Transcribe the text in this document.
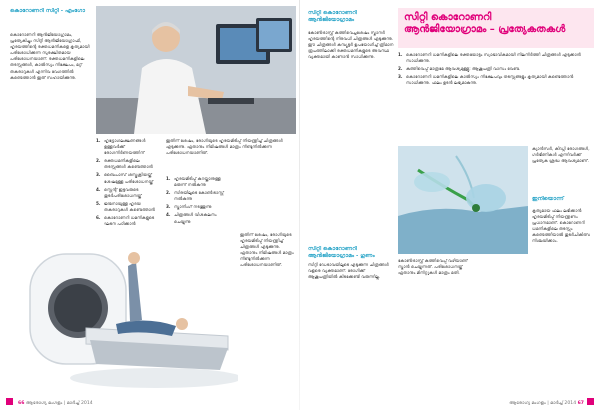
കൊറോണറി സിറ്റി - എംഗോ
കൊറോണറി ആൻജിയോഗ്രാമം, പ്രത്യേകിച്ചും സിറ്റി ആൻജിയോഗ്രാഫി, ഹൃദയത്തിന്റെ രക്തധമനികളെ കൃത്യമായി പരിശോധിക്കുന്ന സുരക്ഷിതമായ പരിശോധനയാണ്. രക്തധമനികളിലെ തടസ്സങ്ങൾ, കാൽസ്യം നിക്ഷേപം, മറ്റ് തകരാറുകൾ എന്നിവ വേഗത്തിൽ കണ്ടെത്താൻ ഇത് സഹായിക്കുന്നു.
1. ഹൃദ്രോഗലക്ഷണങ്ങൾ ഉള്ളവർക്ക് രോഗനിർണയത്തിന്
2. രക്തധമനികളിലെ തടസ്സങ്ങൾ കണ്ടെത്താൻ
3. ബൈപാസ് ശസ്ത്രക്രിയയ്ക്ക് ശേഷമുള്ള പരിശോധനയ്ക്ക്
4. സ്റ്റെന്റ് ഇട്ടവരുടെ തുടർപരിശോധനയ്ക്ക്
5. ജന്മനായുള്ള ഹൃദയ തകരാറുകൾ കണ്ടെത്താൻ
6. കൊറോണറി ധമനികളുടെ ഘടന പഠിക്കാൻ
ഇതിന് ശേഷം, രോഗിയുടെ ഹൃദയമിടിപ്പ് നിയന്ത്രിച്ച് ചിത്രങ്ങൾ എടുക്കുന്നു. ഏതാനും നിമിഷങ്ങൾ മാത്രം നീണ്ടുനിൽക്കുന്ന പരിശോധനയാണിത്.
1. ഹൃദയമിടിപ്പ് കുറയ്ക്കാനുള്ള മരുന്ന് നൽകുന്നു
2. സിരയിലൂടെ കോൺട്രാസ്റ്റ് നൽകുന്നു
3. സ്കാനിംഗ് നടത്തുന്നു
4. ചിത്രങ്ങൾ വിശകലനം ചെയ്യുന്നു
ഇതിന് ശേഷം, രോഗിയുടെ ഹൃദയമിടിപ്പ് നിയന്ത്രിച്ച് ചിത്രങ്ങൾ എടുക്കുന്നു. ഏതാനും നിമിഷങ്ങൾ മാത്രം നീണ്ടുനിൽക്കുന്ന പരിശോധനയാണിത്.
66 ആരോഗ്യ മംഗളം | മാർച്ച് 2014
സിറ്റി കൊറോണറി ആൻജിയോഗ്രാമം
കോൺട്രാസ്റ്റ് കുത്തിവെച്ചശേഷം സ്കാനർ ഹൃദയത്തിന്റെ നിരവധി ചിത്രങ്ങൾ എടുക്കുന്നു. ഈ ചിത്രങ്ങൾ കമ്പ്യൂട്ടർ ഉപയോഗിച്ച് ത്രിമാന രൂപത്തിലാക്കി രക്തധമനികളുടെ അവസ്ഥ വ്യക്തമായി കാണാൻ സാധിക്കുന്നു.
സിറ്റി കൊറോണറി ആൻജിയോഗ്രാമം - ഗുണം
സിറ്റി ഡേടാവയിലൂടെ എടുക്കുന്ന ചിത്രങ്ങൾ വളരെ വ്യക്തമാണ്. രോഗിക്ക് ആശുപത്രിയിൽ കിടക്കേണ്ടി വരുന്നില്ല.
സിറ്റി കൊറോണറി
ആൻജിയോഗ്രാമം – പ്രത്യേകതകൾ
1. കൊറോണറി ധമനികളിലെ രക്തയോട്ടം സ്വാഭാവികമായി നിലനിർത്തി ചിത്രങ്ങൾ എടുക്കാൻ സാധിക്കുന്നു.
2. കുത്തിവെപ്പ് മാത്രമേ ആവശ്യമുള്ളൂ; ആശുപത്രി വാസം വേണ്ട.
3. കൊറോണറി ധമനികളിലെ കാൽസ്യം നിക്ഷേപവും തടസ്സങ്ങളും കൃത്യമായി കണ്ടെത്താൻ സാധിക്കുന്നു. ഫലം ഉടൻ ലഭ്യമാകുന്നു.
ക്യാൻസർ, കിഡ്നി രോഗങ്ങൾ, ഗർഭിണികൾ എന്നിവർക്ക് പ്രത്യേക ശ്രദ്ധ ആവശ്യമാണ്.
കോൺട്രാസ്റ്റ് കുത്തിവെപ്പ് വഴിയാണ് സ്കാൻ ചെയ്യുന്നത്. പരിശോധനയ്ക്ക് ഏതാനും മിനിറ്റുകൾ മാത്രം മതി.
ഇനിയൊന്ന്
കൃത്യമായ ഫലം ലഭിക്കാൻ ഹൃദയമിടിപ്പ് നിയന്ത്രണം പ്രധാനമാണ്. കൊറോണറി ധമനികളിലെ തടസ്സം കണ്ടെത്തിയാൽ തുടർചികിത്സ നിശ്ചയിക്കാം.
ആരോഗ്യ മംഗളം | മാർച്ച് 2014 67
